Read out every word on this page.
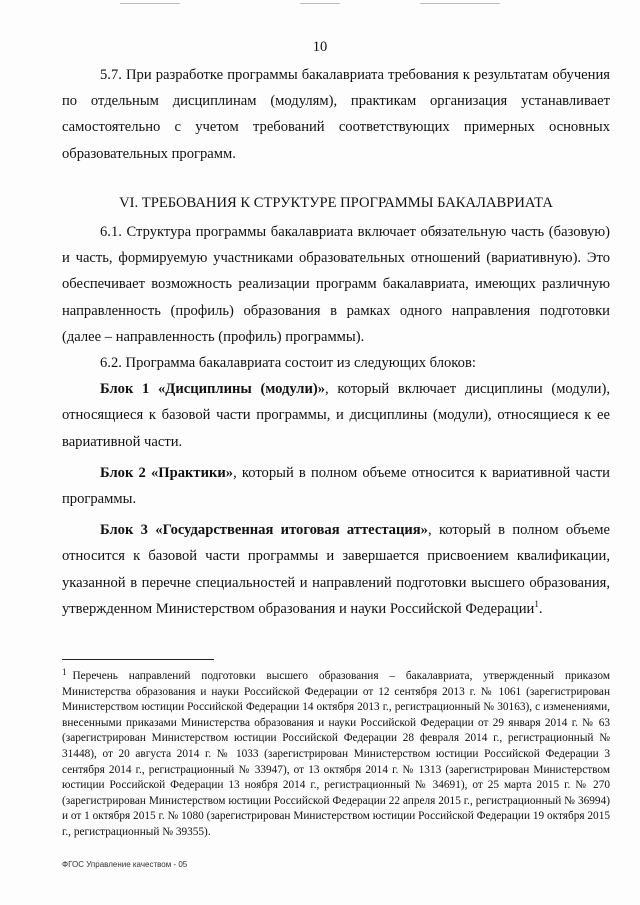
10

5.7. При разработке программы бакалавриата требования к результатам обучения по отдельным дисциплинам (модулям), практикам организация устанавливает самостоятельно с учетом требований соответствующих примерных основных образовательных программ.

VI. ТРЕБОВАНИЯ К СТРУКТУРЕ ПРОГРАММЫ БАКАЛАВРИАТА

6.1. Структура программы бакалавриата включает обязательную часть (базовую) и часть, формируемую участниками образовательных отношений (вариативную). Это обеспечивает возможность реализации программ бакалавриата, имеющих различную направленность (профиль) образования в рамках одного направления подготовки (далее – направленность (профиль) программы).

6.2. Программа бакалавриата состоит из следующих блоков:

Блок 1 «Дисциплины (модули)», который включает дисциплины (модули), относящиеся к базовой части программы, и дисциплины (модули), относящиеся к ее вариативной части.

Блок 2 «Практики», который в полном объеме относится к вариативной части программы.

Блок 3 «Государственная итоговая аттестация», который в полном объеме относится к базовой части программы и завершается присвоением квалификации, указанной в перечне специальностей и направлений подготовки высшего образования, утвержденном Министерством образования и науки Российской Федерации$^1$.

$^1$ Перечень направлений подготовки высшего образования – бакалавриата, утвержденный приказом Министерства образования и науки Российской Федерации от 12 сентября 2013 г. № 1061 (зарегистрирован Министерством юстиции Российской Федерации 14 октября 2013 г., регистрационный № 30163), с изменениями, внесенными приказами Министерства образования и науки Российской Федерации от 29 января 2014 г. № 63 (зарегистрирован Министерством юстиции Российской Федерации 28 февраля 2014 г., регистрационный № 31448), от 20 августа 2014 г. № 1033 (зарегистрирован Министерством юстиции Российской Федерации 3 сентября 2014 г., регистрационный № 33947), от 13 октября 2014 г. № 1313 (зарегистрирован Министерством юстиции Российской Федерации 13 ноября 2014 г., регистрационный № 34691), от 25 марта 2015 г. № 270 (зарегистрирован Министерством юстиции Российской Федерации 22 апреля 2015 г., регистрационный № 36994) и от 1 октября 2015 г. № 1080 (зарегистрирован Министерством юстиции Российской Федерации 19 октября 2015 г., регистрационный № 39355).
ФГОС Управление качеством - 05
